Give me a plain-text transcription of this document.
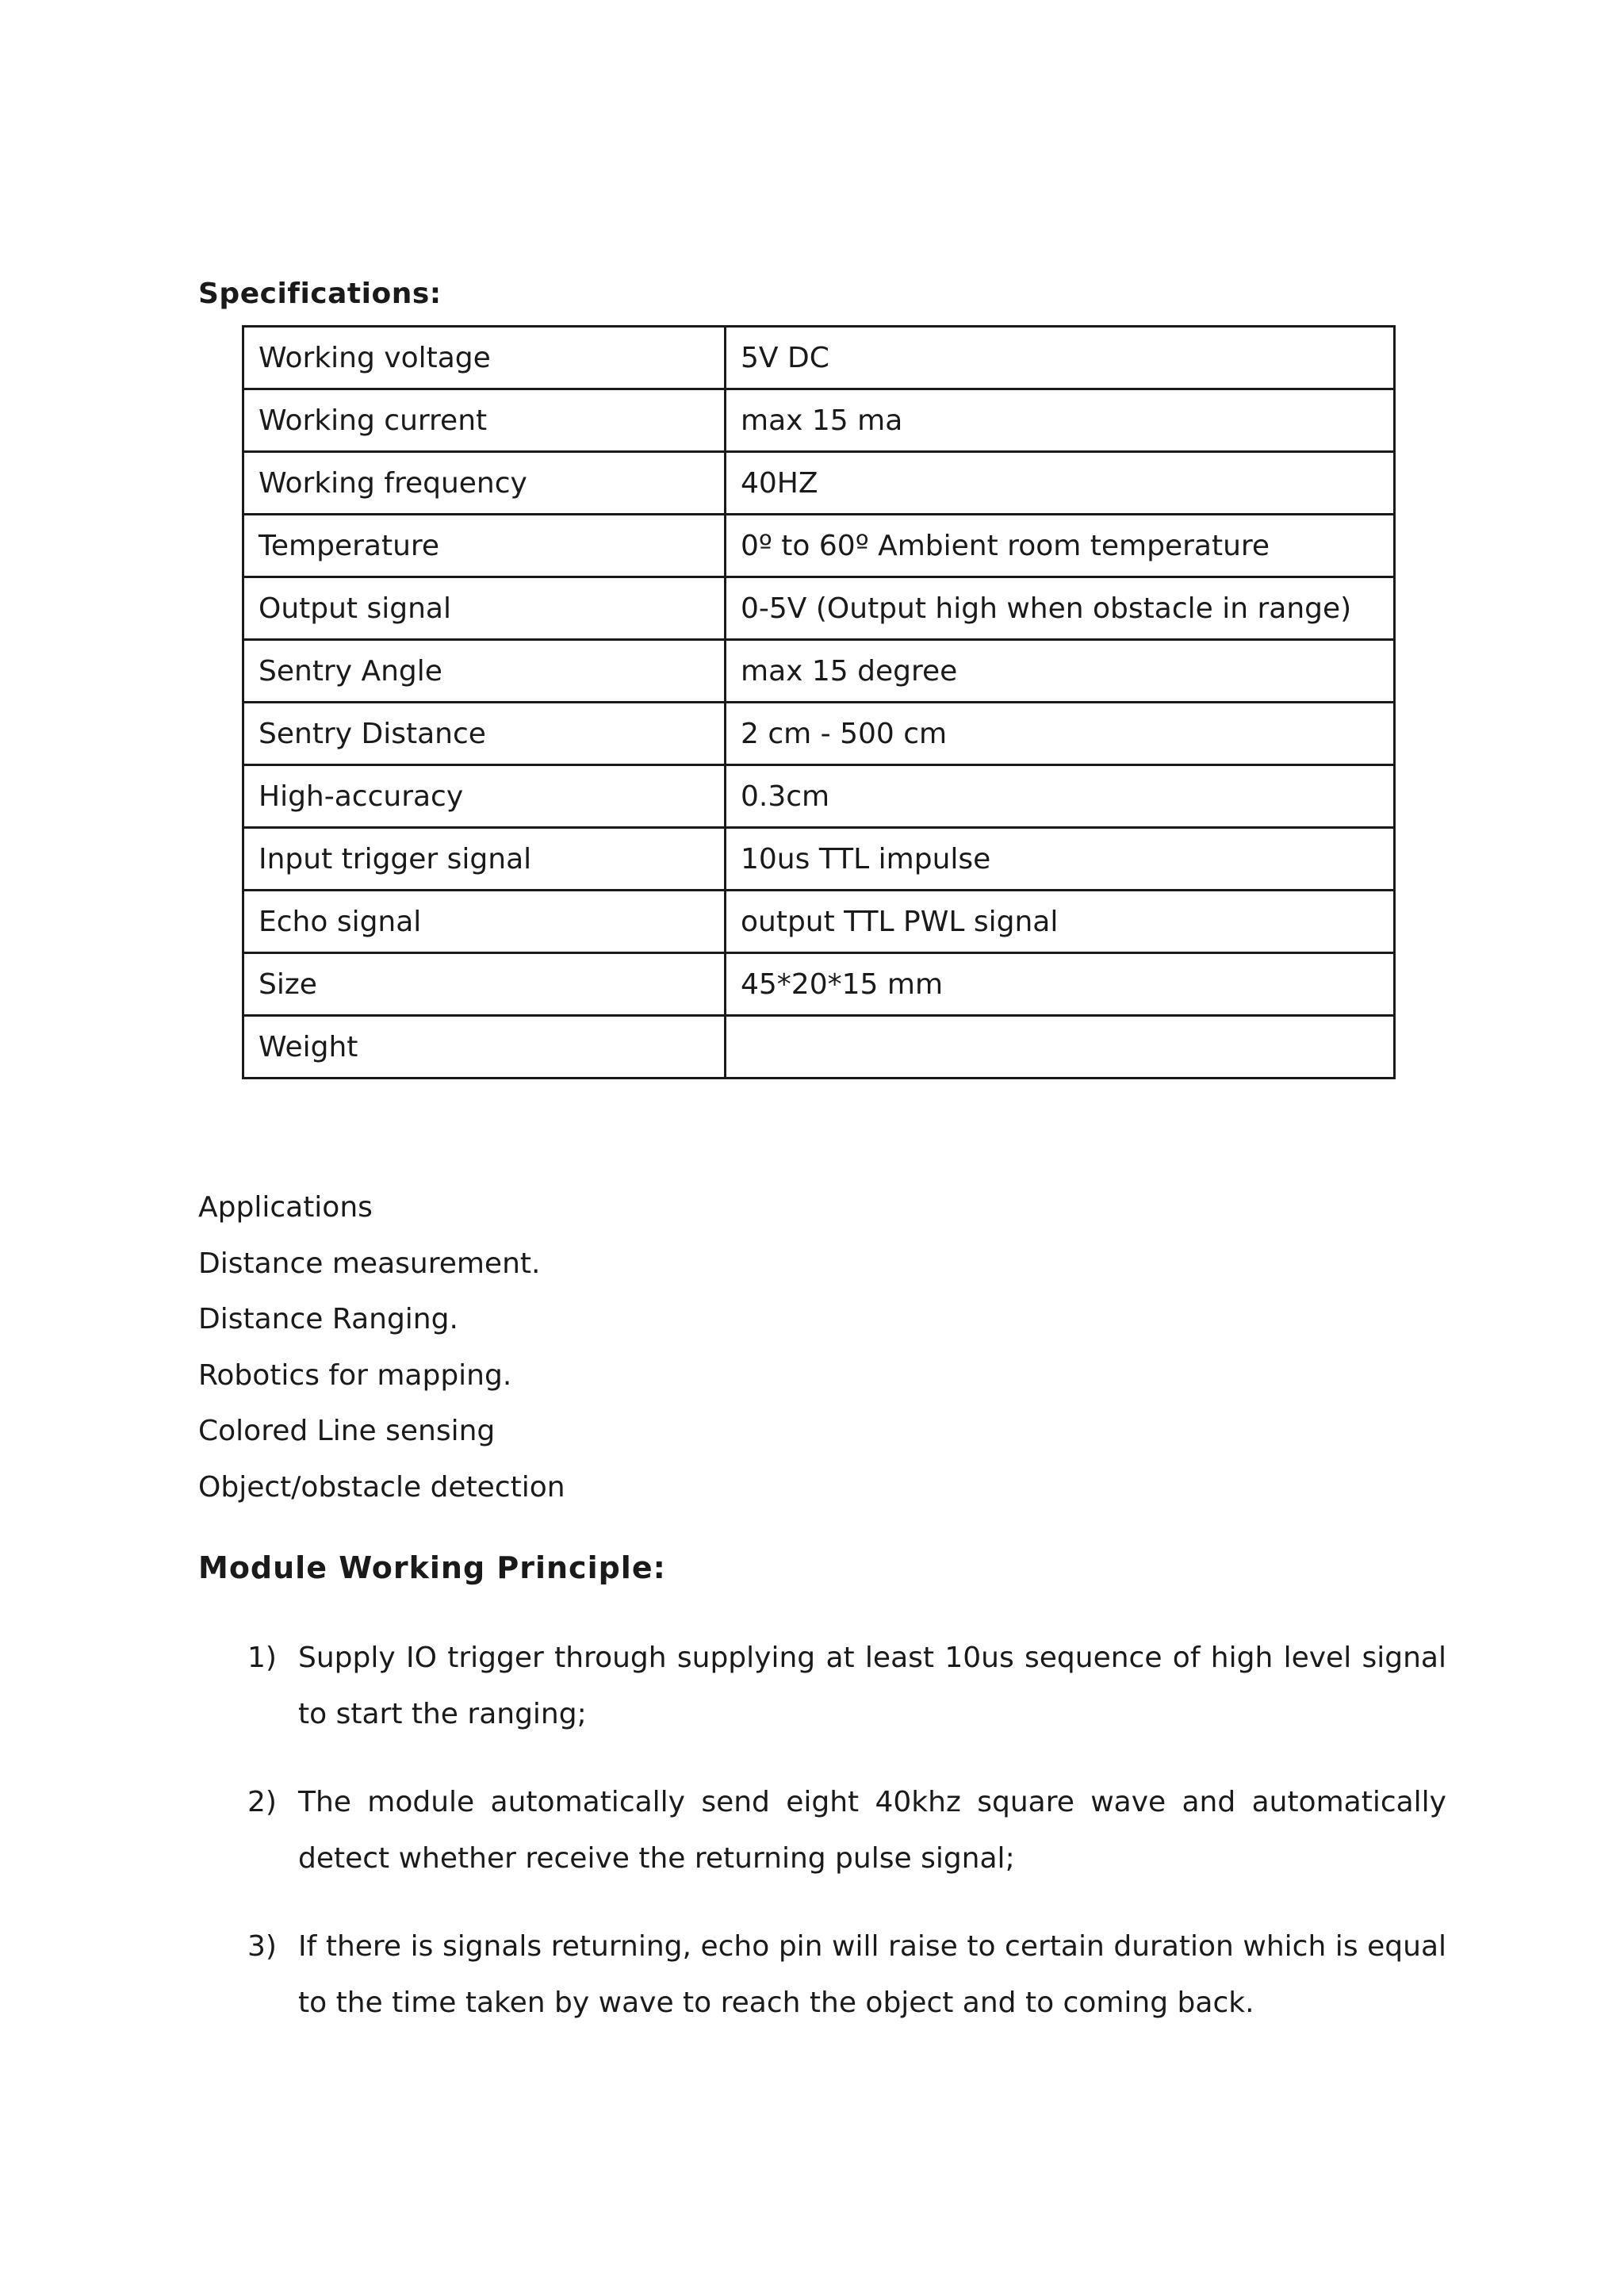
Specifications:
Working voltage	5V DC
Working current	max 15 ma
Working frequency	40HZ
Temperature	0º to 60º Ambient room temperature
Output signal	0-5V (Output high when obstacle in range)
Sentry Angle	max 15 degree
Sentry Distance	2 cm - 500 cm
High-accuracy	0.3cm
Input trigger signal	10us TTL impulse
Echo signal	output TTL PWL signal
Size	45*20*15 mm
Weight	
Applications
Distance measurement.
Distance Ranging.
Robotics for mapping.
Colored Line sensing
Object/obstacle detection
Module Working Principle:
1) Supply IO trigger through supplying at least 10us sequence of high level signal to start the ranging;
2) The module automatically send eight 40khz square wave and automatically detect whether receive the returning pulse signal;
3) If there is signals returning, echo pin will raise to certain duration which is equal to the time taken by wave to reach the object and to coming back.
